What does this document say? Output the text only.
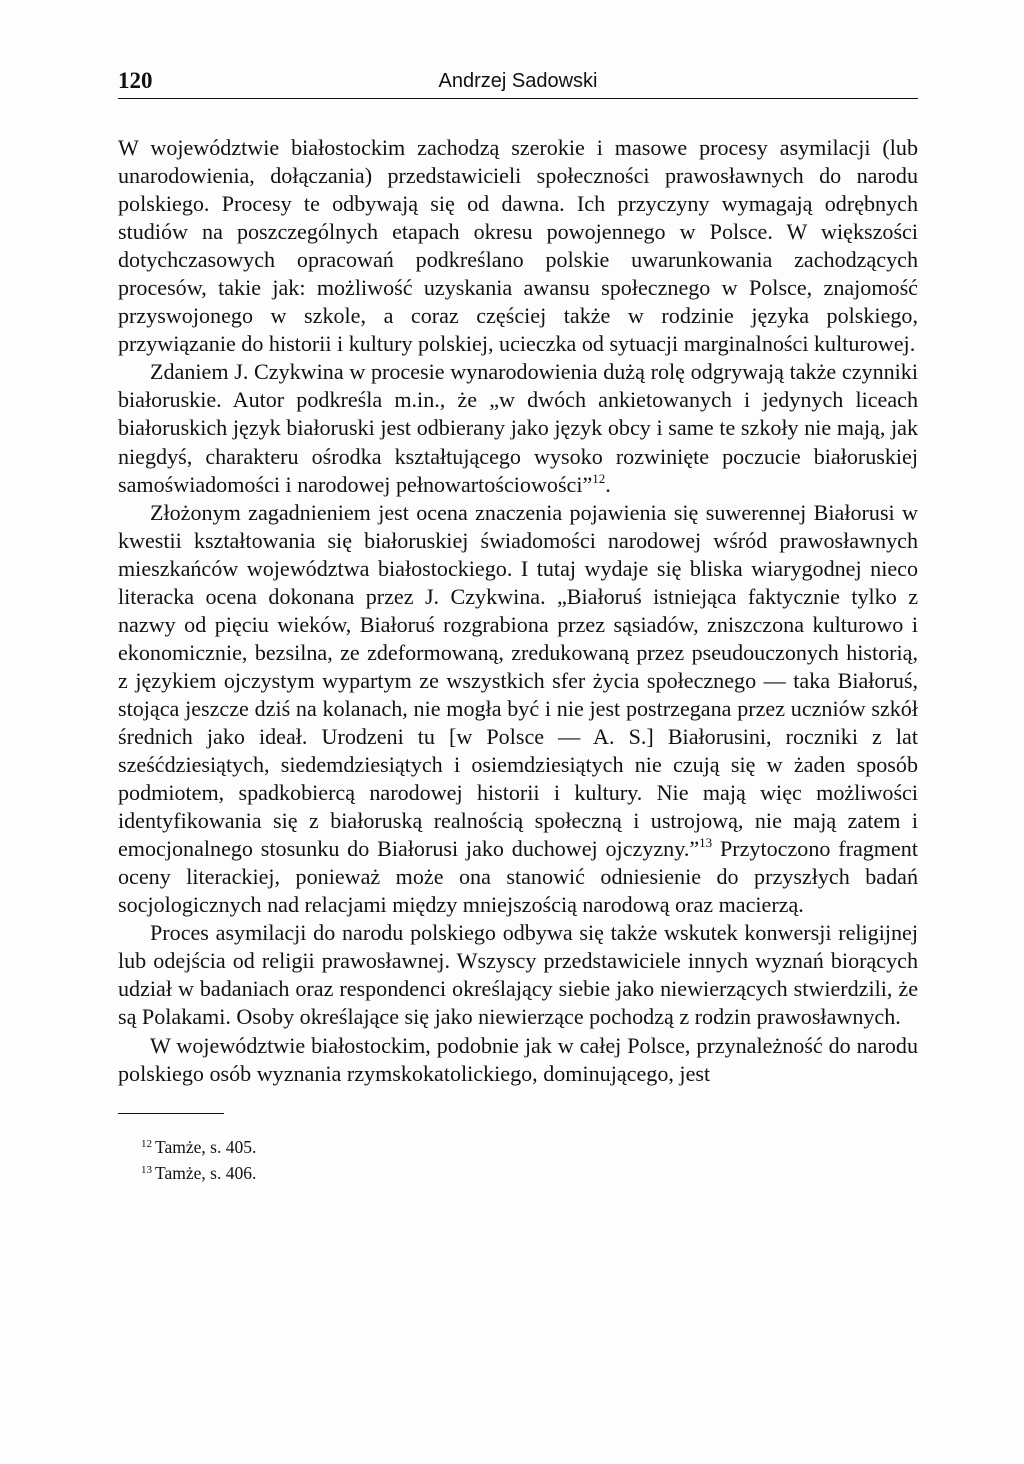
120	Andrzej Sadowski

W województwie białostockim zachodzą szerokie i masowe procesy asymilacji (lub unarodowienia, dołączania) przedstawicieli społeczności prawosławnych do narodu polskiego. Procesy te odbywają się od dawna. Ich przyczyny wymagają odrębnych studiów na poszczególnych etapach okresu powojennego w Polsce. W większości dotychczasowych opracowań podkreślano polskie uwarunkowania zachodzących procesów, takie jak: możliwość uzyskania awansu społecznego w Polsce, znajomość przyswojonego w szkole, a coraz częściej także w rodzinie języka polskiego, przywiązanie do historii i kultury polskiej, ucieczka od sytuacji marginalności kulturowej.

Zdaniem J. Czykwina w procesie wynarodowienia dużą rolę odgrywają także czynniki białoruskie. Autor podkreśla m.in., że „w dwóch ankietowanych i jedynych liceach białoruskich język białoruski jest odbierany jako język obcy i same te szkoły nie mają, jak niegdyś, charakteru ośrodka kształtującego wysoko rozwinięte poczucie białoruskiej samoświadomości i narodowej pełnowartościowości”$^{12}$.

Złożonym zagadnieniem jest ocena znaczenia pojawienia się suwerennej Białorusi w kwestii kształtowania się białoruskiej świadomości narodowej wśród prawosławnych mieszkańców województwa białostockiego. I tutaj wydaje się bliska wiarygodnej nieco literacka ocena dokonana przez J. Czykwina. „Białoruś istniejąca faktycznie tylko z nazwy od pięciu wieków, Białoruś rozgrabiona przez sąsiadów, zniszczona kulturowo i ekonomicznie, bezsilna, ze zdeformowaną, zredukowaną przez pseudouczonych historią, z językiem ojczystym wypartym ze wszystkich sfer życia społecznego — taka Białoruś, stojąca jeszcze dziś na kolanach, nie mogła być i nie jest postrzegana przez uczniów szkół średnich jako ideał. Urodzeni tu [w Polsce — A. S.] Białorusini, roczniki z lat sześćdziesiątych, siedemdziesiątych i osiemdziesiątych nie czują się w żaden sposób podmiotem, spadkobiercą narodowej historii i kultury. Nie mają więc możliwości identyfikowania się z białoruską realnością społeczną i ustrojową, nie mają zatem i emocjonalnego stosunku do Białorusi jako duchowej ojczyzny.”$^{13}$ Przytoczono fragment oceny literackiej, ponieważ może ona stanowić odniesienie do przyszłych badań socjologicznych nad relacjami między mniejszością narodową oraz macierzą.

Proces asymilacji do narodu polskiego odbywa się także wskutek konwersji religijnej lub odejścia od religii prawosławnej. Wszyscy przedstawiciele innych wyznań biorących udział w badaniach oraz respondenci określający siebie jako niewierzących stwierdzili, że są Polakami. Osoby określające się jako niewierzące pochodzą z rodzin prawosławnych.

W województwie białostockim, podobnie jak w całej Polsce, przynależność do narodu polskiego osób wyznania rzymskokatolickiego, dominującego, jest

$^{12}$ Tamże, s. 405.

$^{13}$ Tamże, s. 406.
